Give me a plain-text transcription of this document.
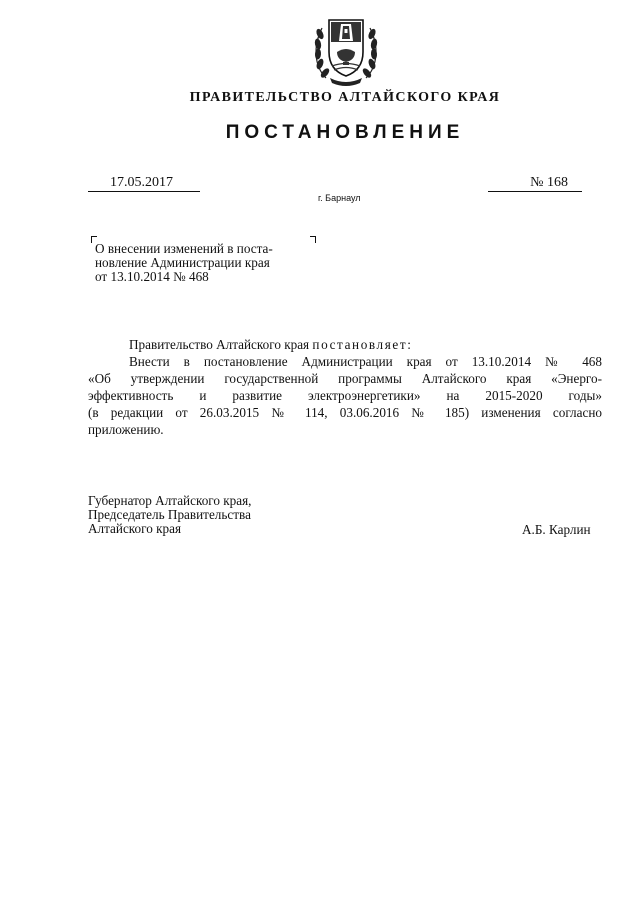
ПРАВИТЕЛЬСТВО АЛТАЙСКОГО КРАЯ
ПОСТАНОВЛЕНИЕ
17.05.2017	№ 168
г. Барнаул
О внесении изменений в поста-
новление Администрации края
от 13.10.2014 № 468

Правительство Алтайского края постановляет:

Внести в постановление Администрации края от 13.10.2014 № 468
«Об утверждении государственной программы Алтайского края «Энерго-
эффективность и развитие электроэнергетики» на 2015-2020 годы»
(в редакции от 26.03.2015 № 114, 03.06.2016 № 185) изменения согласно
приложению.
Губернатор Алтайского края,
Председатель Правительства
Алтайского края	А.Б. Карлин
